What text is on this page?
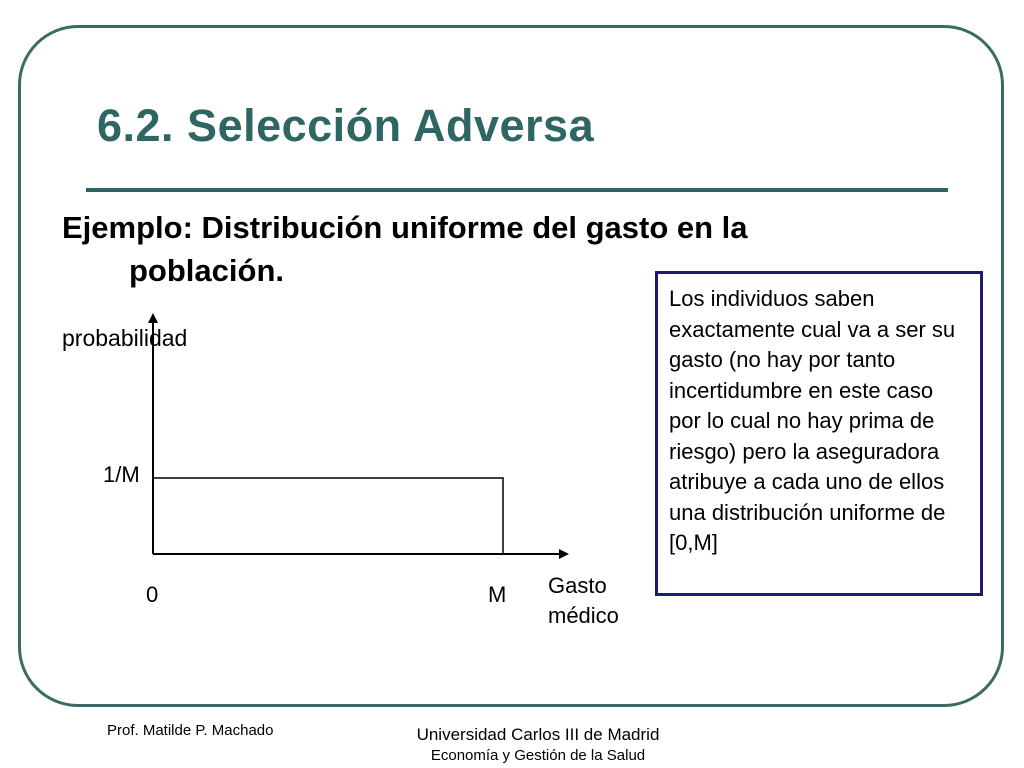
6.2. Selección Adversa
Ejemplo: Distribución uniforme del gasto en la
población.
probabilidad
1/M
0	M Gasto
médico
Los individuos saben exactamente cual va a ser su gasto (no hay por tanto incertidumbre en este caso por lo cual no hay prima de riesgo) pero la aseguradora atribuye a cada uno de ellos una distribución uniforme de [0,M]
Prof. Matilde P. Machado	Universidad Carlos III de Madrid
Economía y Gestión de la Salud
